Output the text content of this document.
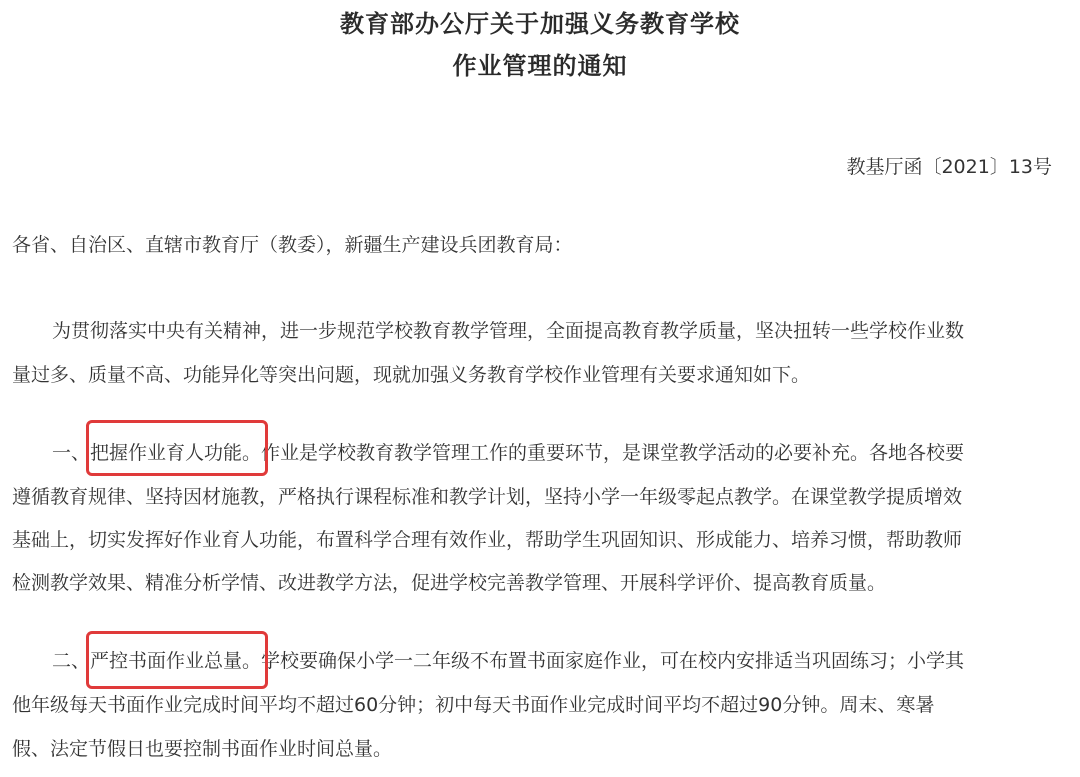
教育部办公厅关于加强义务教育学校
作业管理的通知
教基厅函〔2021〕13号
各省、自治区、直辖市教育厅（教委），新疆生产建设兵团教育局：
为贯彻落实中央有关精神，进一步规范学校教育教学管理，全面提高教育教学质量，坚决扭转一些学校作业数
量过多、质量不高、功能异化等突出问题，现就加强义务教育学校作业管理有关要求通知如下。
一、把握作业育人功能。作业是学校教育教学管理工作的重要环节，是课堂教学活动的必要补充。各地各校要
遵循教育规律、坚持因材施教，严格执行课程标准和教学计划，坚持小学一年级零起点教学。在课堂教学提质增效
基础上，切实发挥好作业育人功能，布置科学合理有效作业，帮助学生巩固知识、形成能力、培养习惯，帮助教师
检测教学效果、精准分析学情、改进教学方法，促进学校完善教学管理、开展科学评价、提高教育质量。
二、严控书面作业总量。学校要确保小学一二年级不布置书面家庭作业，可在校内安排适当巩固练习；小学其
他年级每天书面作业完成时间平均不超过60分钟；初中每天书面作业完成时间平均不超过90分钟。周末、寒暑
假、法定节假日也要控制书面作业时间总量。
